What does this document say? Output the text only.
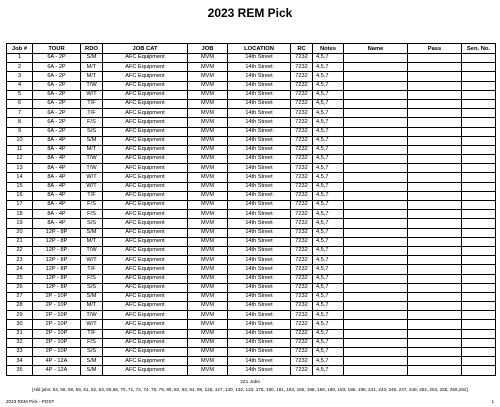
2023 REM Pick
Job #	TOUR	RDO	JOB CAT	JOB	LOCATION	RC	Notes	Name	Pass	Sen. No.
1	6A - 2P	S/M	AFC Equipment	MVM	14th Street	7232	4,5,7			
2	6A - 2P	M/T	AFC Equipment	MVM	14th Street	7232	4,5,7			
3	6A - 2P	M/T	AFC Equipment	MVM	14th Street	7232	4,5,7			
4	6A - 2P	T/W	AFC Equipment	MVM	14th Street	7232	4,5,7			
5	6A - 2P	W/T	AFC Equipment	MVM	14th Street	7232	4,5,7			
6	6A - 2P	T/F	AFC Equipment	MVM	14th Street	7232	4,5,7			
7	6A - 2P	T/F	AFC Equipment	MVM	14th Street	7232	4,5,7			
8	6A - 2P	F/S	AFC Equipment	MVM	14th Street	7232	4,5,7			
9	6A - 2P	S/S	AFC Equipment	MVM	14th Street	7232	4,5,7			
10	8A - 4P	S/M	AFC Equipment	MVM	14th Street	7232	4,5,7			
11	8A - 4P	M/T	AFC Equipment	MVM	14th Street	7232	4,5,7			
12	8A - 4P	T/W	AFC Equipment	MVM	14th Street	7232	4,5,7			
13	8A - 4P	T/W	AFC Equipment	MVM	14th Street	7232	4,5,7			
14	8A - 4P	W/T	AFC Equipment	MVM	14th Street	7232	4,5,7			
15	8A - 4P	W/T	AFC Equipment	MVM	14th Street	7232	4,5,7			
16	8A - 4P	T/F	AFC Equipment	MVM	14th Street	7232	4,5,7			
17	8A - 4P	F/S	AFC Equipment	MVM	14th Street	7232	4,5,7			
18	8A - 4P	F/S	AFC Equipment	MVM	14th Street	7232	4,5,7			
19	8A - 4P	S/S	AFC Equipment	MVM	14th Street	7232	4,5,7			
20	12P - 8P	S/M	AFC Equipment	MVM	14th Street	7232	4,5,7			
21	12P - 8P	M/T	AFC Equipment	MVM	14th Street	7232	4,5,7			
22	12P - 8P	T/W	AFC Equipment	MVM	14th Street	7232	4,5,7			
23	12P - 8P	W/T	AFC Equipment	MVM	14th Street	7232	4,5,7			
24	12P - 8P	T/F	AFC Equipment	MVM	14th Street	7232	4,5,7			
25	12P - 8P	F/S	AFC Equipment	MVM	14th Street	7232	4,5,7			
26	12P - 8P	S/S	AFC Equipment	MVM	14th Street	7232	4,5,7			
27	2P - 10P	S/M	AFC Equipment	MVM	14th Street	7232	4,5,7			
28	2P - 10P	M/T	AFC Equipment	MVM	14th Street	7232	4,5,7			
29	2P - 10P	T/W	AFC Equipment	MVM	14th Street	7232	4,5,7			
30	2P - 10P	W/T	AFC Equipment	MVM	14th Street	7232	4,5,7			
31	2P - 10P	T/F	AFC Equipment	MVM	14th Street	7232	4,5,7			
32	2P - 10P	F/S	AFC Equipment	MVM	14th Street	7232	4,5,7			
33	2P - 10P	S/S	AFC Equipment	MVM	14th Street	7232	4,5,7			
34	4P - 12A	S/M	AFC Equipment	MVM	14th Street	7232	4,5,7			
35	4P - 12A	S/M	AFC Equipment	MVM	14th Street	7232	4,5,7			
221 Jobs
[Hld jobs: 54, 56, 58, 59, 61, 62, 63, 65,68, 70, 71, 72, 74, 75, 79, 80, 82, 83, 91, 98, 126, 127, 130, 132, 133, 178, 180, 181, 183, 185, 188, 189, 190, 193, 196, 198, 241, 243, 245, 247, 248, 252, 253, 255, 256,262]
2023 REM Pick - POST	1
